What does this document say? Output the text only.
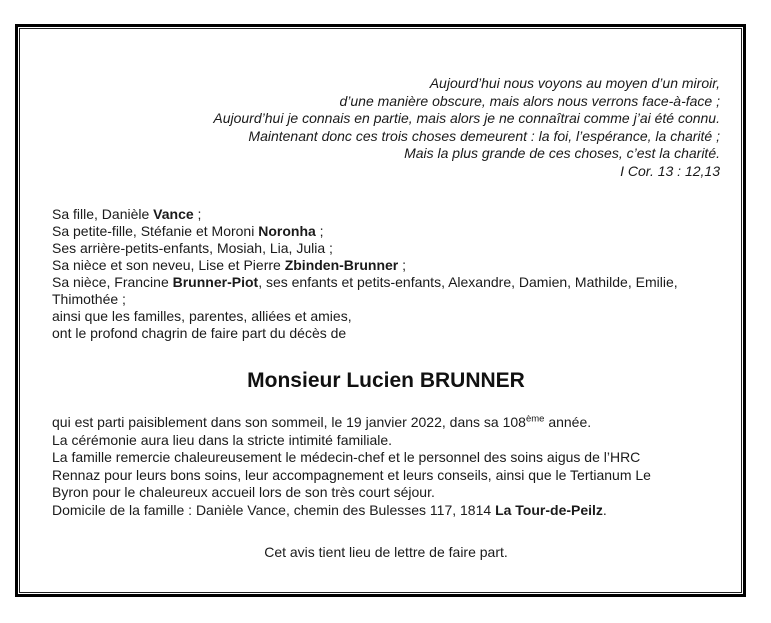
Aujourd’hui nous voyons au moyen d’un miroir,
d’une manière obscure, mais alors nous verrons face-à-face ;
Aujourd’hui je connais en partie, mais alors je ne connaîtrai comme j’ai été connu.
Maintenant donc ces trois choses demeurent : la foi, l’espérance, la charité ;
Mais la plus grande de ces choses, c’est la charité.
I Cor. 13 : 12,13
Sa fille, Danièle Vance ;
Sa petite-fille, Stéfanie et Moroni Noronha ;
Ses arrière-petits-enfants, Mosiah, Lia, Julia ;
Sa nièce et son neveu, Lise et Pierre Zbinden-Brunner ;
Sa nièce, Francine Brunner-Piot, ses enfants et petits-enfants, Alexandre, Damien, Mathilde, Emilie,
Thimothée ;
ainsi que les familles, parentes, alliées et amies,
ont le profond chagrin de faire part du décès de
Monsieur Lucien BRUNNER
qui est parti paisiblement dans son sommeil, le 19 janvier 2022, dans sa 108ème année.
La cérémonie aura lieu dans la stricte intimité familiale.
La famille remercie chaleureusement le médecin-chef et le personnel des soins aigus de l’HRC
Rennaz pour leurs bons soins, leur accompagnement et leurs conseils, ainsi que le Tertianum Le
Byron pour le chaleureux accueil lors de son très court séjour.
Domicile de la famille : Danièle Vance, chemin des Bulesses 117, 1814 La Tour-de-Peilz.
Cet avis tient lieu de lettre de faire part.
